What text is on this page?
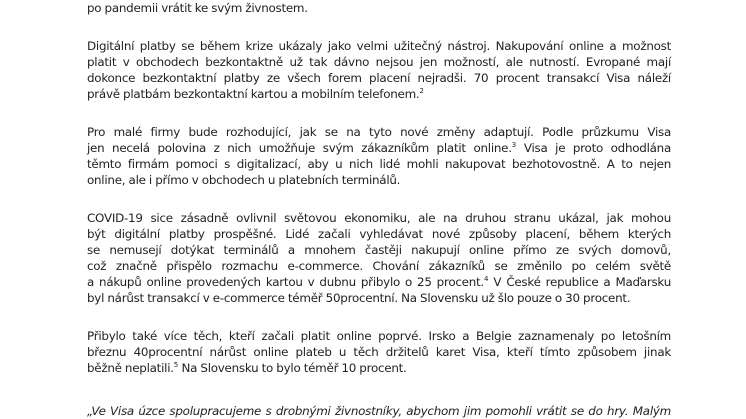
po pandemii vrátit ke svým živnostem.
Digitální platby se během krize ukázaly jako velmi užitečný nástroj. Nakupování online a možnost
platit v obchodech bezkontaktně už tak dávno nejsou jen možností, ale nutností. Evropané mají
dokonce bezkontaktní platby ze všech forem placení nejradši. 70 procent transakcí Visa náleží
právě platbám bezkontaktní kartou a mobilním telefonem.$^2$
Pro malé firmy bude rozhodující, jak se na tyto nové změny adaptují. Podle průzkumu Visa
jen necelá polovina z nich umožňuje svým zákazníkům platit online.$^3$ Visa je proto odhodlána
těmto firmám pomoci s digitalizací, aby u nich lidé mohli nakupovat bezhotovostně. A to nejen
online, ale i přímo v obchodech u platebních terminálů.
COVID-19 sice zásadně ovlivnil světovou ekonomiku, ale na druhou stranu ukázal, jak mohou
být digitální platby prospěšné. Lidé začali vyhledávat nové způsoby placení, během kterých
se nemusejí dotýkat terminálů a mnohem častěji nakupují online přímo ze svých domovů,
což značně přispělo rozmachu e-commerce. Chování zákazníků se změnilo po celém světě
a nákupů online provedených kartou v dubnu přibylo o 25 procent.$^4$ V České republice a Maďarsku
byl nárůst transakcí v e-commerce téměř 50procentní. Na Slovensku už šlo pouze o 30 procent.
Přibylo také více těch, kteří začali platit online poprvé. Irsko a Belgie zaznamenaly po letošním
březnu 40procentní nárůst online plateb u těch držitelů karet Visa, kteří tímto způsobem jinak
běžně neplatili.$^5$ Na Slovensku to bylo téměř 10 procent.
„Ve Visa úzce spolupracujeme s drobnými živnostníky, abychom jim pomohli vrátit se do hry. Malým
